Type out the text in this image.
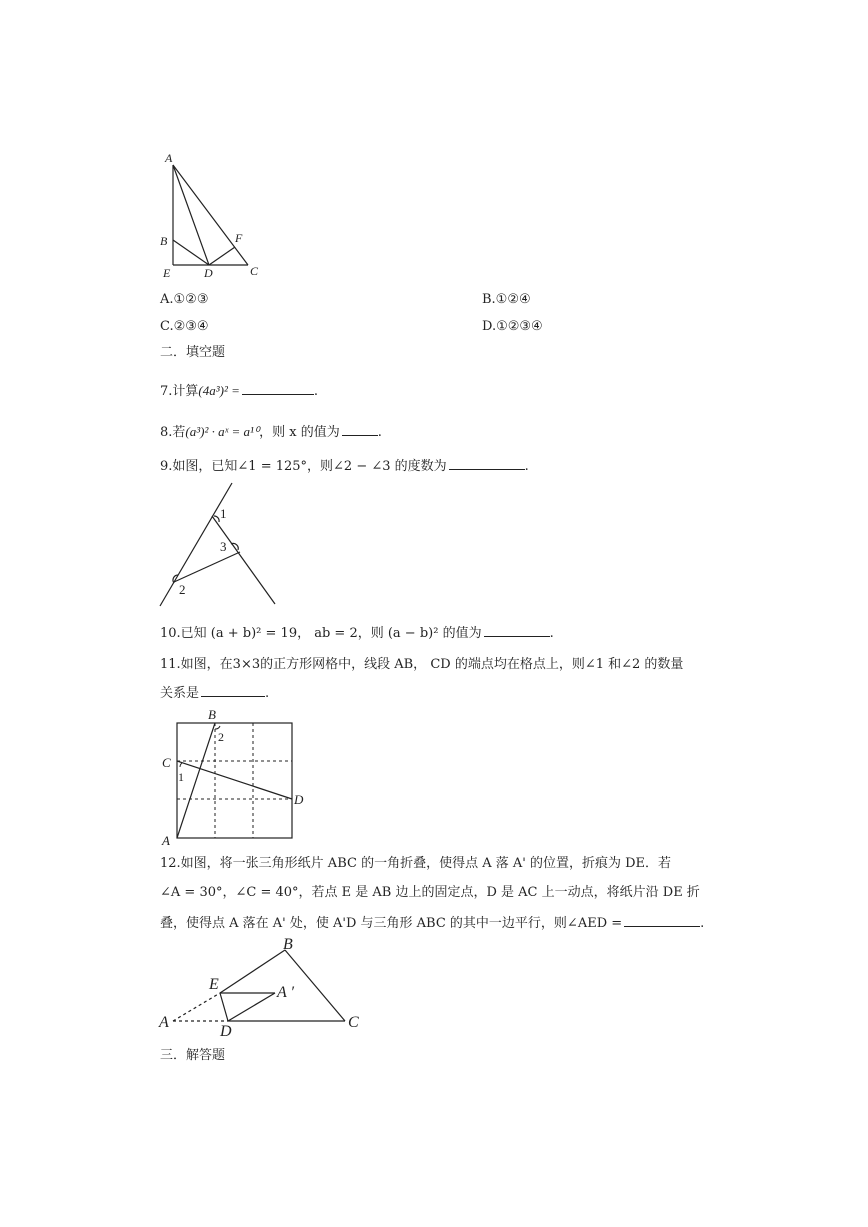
A
B
E	D	C
F
A.①②③	B.①②④
C.②③④	D.①②③④
二．填空题
7.计算(4a³)² =	.
8.若(a³)² · aˣ = a¹⁰，则 x 的值为	.
9.如图，已知∠1 = 125°，则∠2 − ∠3 的度数为	.
1
3
2
10.已知 (a + b)² = 19， ab = 2，则 (a − b)² 的值为	.
11.如图，在3×3的正方形网格中，线段 AB， CD 的端点均在格点上，则∠1 和∠2 的数量
关系是	.
B
2
C
1
D
A
12.如图，将一张三角形纸片 ABC 的一角折叠，使得点 A 落 A' 的位置，折痕为 DE．若
∠A = 30°，∠C = 40°，若点 E 是 AB 边上的固定点，D 是 AC 上一动点，将纸片沿 DE 折
叠，使得点 A 落在 A' 处，使 A'D 与三角形 ABC 的其中一边平行，则∠AED =	.
B
E	A ′
A
D
C
三．解答题
